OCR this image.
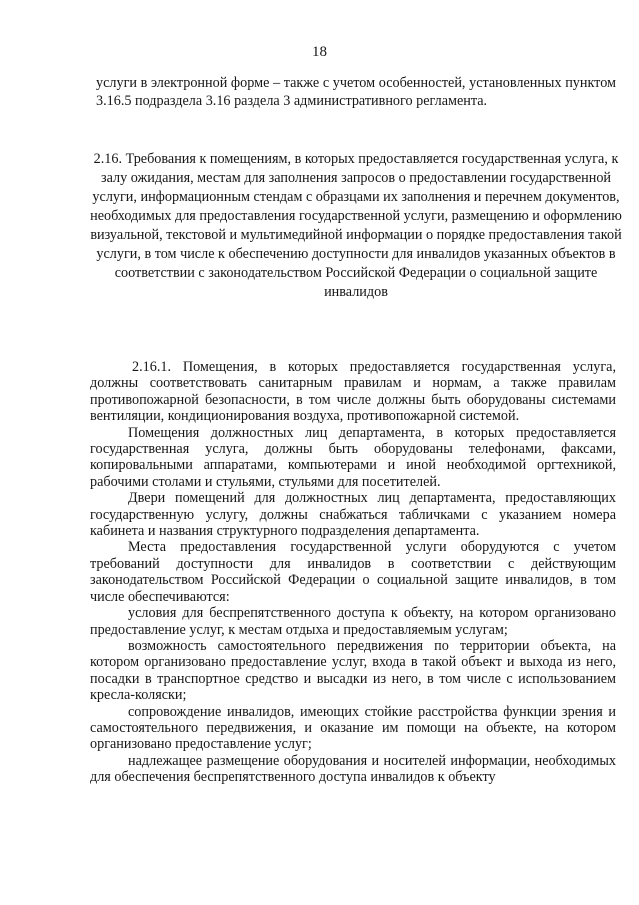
18
услуги в электронной форме – также с учетом особенностей, установленных пунктом 3.16.5 подраздела 3.16 раздела 3 административного регламента.
2.16. Требования к помещениям, в которых предоставляется государственная услуга, к залу ожидания, местам для заполнения запросов о предоставлении государственной услуги, информационным стендам с образцами их заполнения и перечнем документов, необходимых для предоставления государственной услуги, размещению и оформлению визуальной, текстовой и мультимедийной информации о порядке предоставления такой услуги, в том числе к обеспечению доступности для инвалидов указанных объектов в соответствии с законодательством Российской Федерации о социальной защите инвалидов

2.16.1. Помещения, в которых предоставляется государственная услуга, должны соответствовать санитарным правилам и нормам, а также правилам противопожарной безопасности, в том числе должны быть оборудованы системами вентиляции, кондиционирования воздуха, противопожарной системой.

Помещения должностных лиц департамента, в которых предоставляется государственная услуга, должны быть оборудованы телефонами, факсами, копировальными аппаратами, компьютерами и иной необходимой оргтехникой, рабочими столами и стульями, стульями для посетителей.

Двери помещений для должностных лиц департамента, предоставляющих государственную услугу, должны снабжаться табличками с указанием номера кабинета и названия структурного подразделения департамента.

Места предоставления государственной услуги оборудуются с учетом требований доступности для инвалидов в соответствии с действующим законодательством Российской Федерации о социальной защите инвалидов, в том числе обеспечиваются:

условия для беспрепятственного доступа к объекту, на котором организовано предоставление услуг, к местам отдыха и предоставляемым услугам;

возможность самостоятельного передвижения по территории объекта, на котором организовано предоставление услуг, входа в такой объект и выхода из него, посадки в транспортное средство и высадки из него, в том числе с использованием кресла-коляски;

сопровождение инвалидов, имеющих стойкие расстройства функции зрения и самостоятельного передвижения, и оказание им помощи на объекте, на котором организовано предоставление услуг;

надлежащее размещение оборудования и носителей информации, необходимых для обеспечения беспрепятственного доступа инвалидов к объекту
